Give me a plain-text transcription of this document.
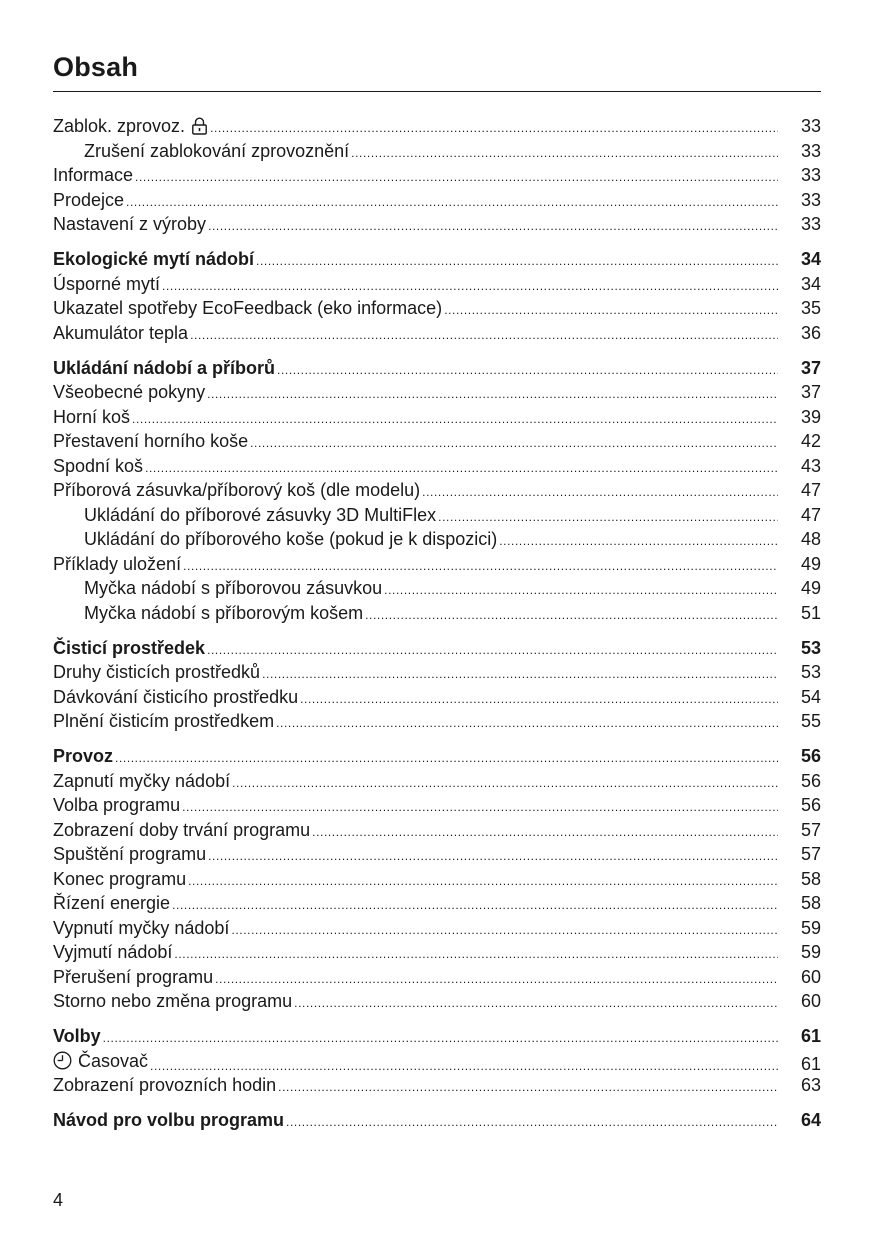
Obsah
Zablok. zprovoz. .....	33
Zrušení zablokování zprovoznění .....	33
Informace .....	33
Prodejce .....	33
Nastavení z výroby .....	33
Ekologické mytí nádobí .....	34
Úsporné mytí .....	34
Ukazatel spotřeby EcoFeedback (eko informace) .....	35
Akumulátor tepla .....	36
Ukládání nádobí a příborů .....	37
Všeobecné pokyny .....	37
Horní koš .....	39
Přestavení horního koše .....	42
Spodní koš .....	43
Příborová zásuvka/příborový koš (dle modelu) .....	47
Ukládání do příborové zásuvky 3D MultiFlex .....	47
Ukládání do příborového koše (pokud je k dispozici) .....	48
Příklady uložení .....	49
Myčka nádobí s příborovou zásuvkou .....	49
Myčka nádobí s příborovým košem .....	51
Čisticí prostředek .....	53
Druhy čisticích prostředků .....	53
Dávkování čisticího prostředku .....	54
Plnění čisticím prostředkem .....	55
Provoz .....	56
Zapnutí myčky nádobí .....	56
Volba programu .....	56
Zobrazení doby trvání programu .....	57
Spuštění programu .....	57
Konec programu .....	58
Řízení energie .....	58
Vypnutí myčky nádobí .....	59
Vyjmutí nádobí .....	59
Přerušení programu .....	60
Storno nebo změna programu .....	60
Volby .....	61
Časovač .....	61
Zobrazení provozních hodin .....	63
Návod pro volbu programu .....	64
4
